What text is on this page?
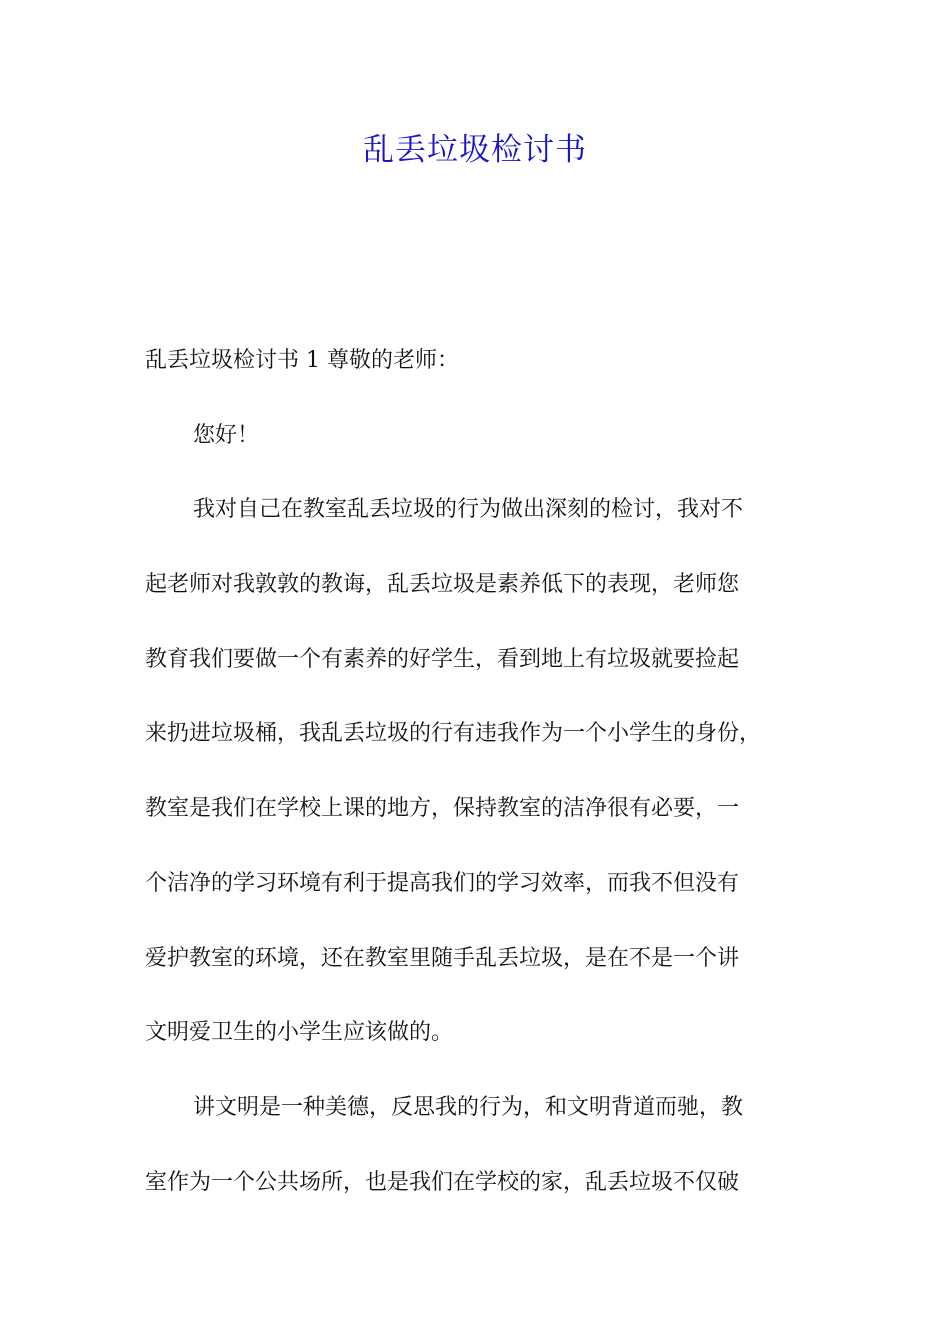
乱丢垃圾检讨书
乱丢垃圾检讨书 1 尊敬的老师：
您好！
我对自己在教室乱丢垃圾的行为做出深刻的检讨，我对不
起老师对我敦敦的教诲，乱丢垃圾是素养低下的表现，老师您
教育我们要做一个有素养的好学生，看到地上有垃圾就要捡起
来扔进垃圾桶，我乱丢垃圾的行有违我作为一个小学生的身份，
教室是我们在学校上课的地方，保持教室的洁净很有必要，一
个洁净的学习环境有利于提高我们的学习效率，而我不但没有
爱护教室的环境，还在教室里随手乱丢垃圾，是在不是一个讲
文明爱卫生的小学生应该做的。
讲文明是一种美德，反思我的行为，和文明背道而驰，教
室作为一个公共场所，也是我们在学校的家，乱丢垃圾不仅破
